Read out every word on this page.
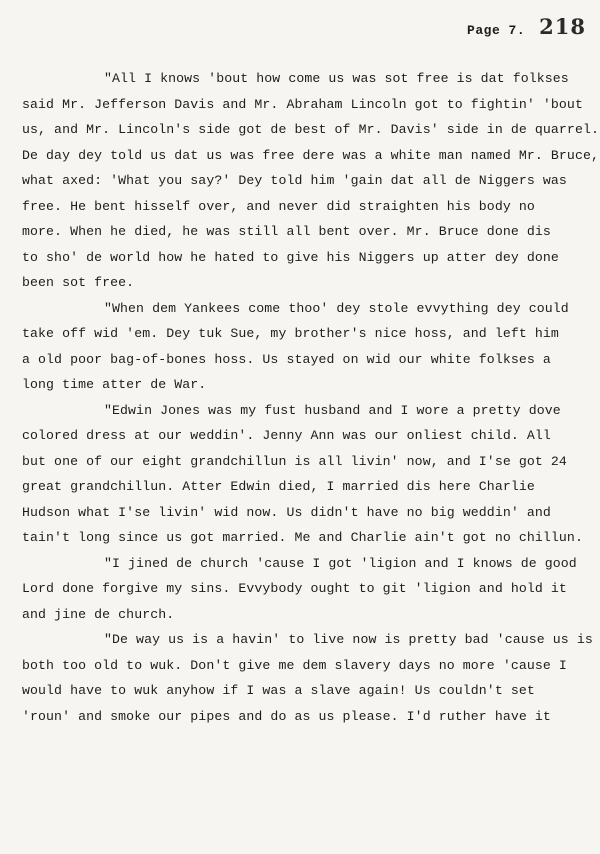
Page 7. 218
"All I knows 'bout how come us was sot free is dat folkses
said Mr. Jefferson Davis and Mr. Abraham Lincoln got to fightin' 'bout
us, and Mr. Lincoln's side got de best of Mr. Davis' side in de quarrel.
De day dey told us dat us was free dere was a white man named Mr. Bruce,
what axed: 'What you say?' Dey told him 'gain dat all de Niggers was
free. He bent hisself over, and never did straighten his body no
more. When he died, he was still all bent over. Mr. Bruce done dis
to sho' de world how he hated to give his Niggers up atter dey done
been sot free.
"When dem Yankees come thoo' dey stole evvything dey could
take off wid 'em. Dey tuk Sue, my brother's nice hoss, and left him
a old poor bag-of-bones hoss. Us stayed on wid our white folkses a
long time atter de War.
"Edwin Jones was my fust husband and I wore a pretty dove
colored dress at our weddin'. Jenny Ann was our onliest child. All
but one of our eight grandchillun is all livin' now, and I'se got 24
great grandchillun. Atter Edwin died, I married dis here Charlie
Hudson what I'se livin' wid now. Us didn't have no big weddin' and
tain't long since us got married. Me and Charlie ain't got no chillun.
"I jined de church 'cause I got 'ligion and I knows de good
Lord done forgive my sins. Evvybody ought to git 'ligion and hold it
and jine de church.
"De way us is a havin' to live now is pretty bad 'cause us is
both too old to wuk. Don't give me dem slavery days no more 'cause I
would have to wuk anyhow if I was a slave again! Us couldn't set
'roun' and smoke our pipes and do as us please. I'd ruther have it
